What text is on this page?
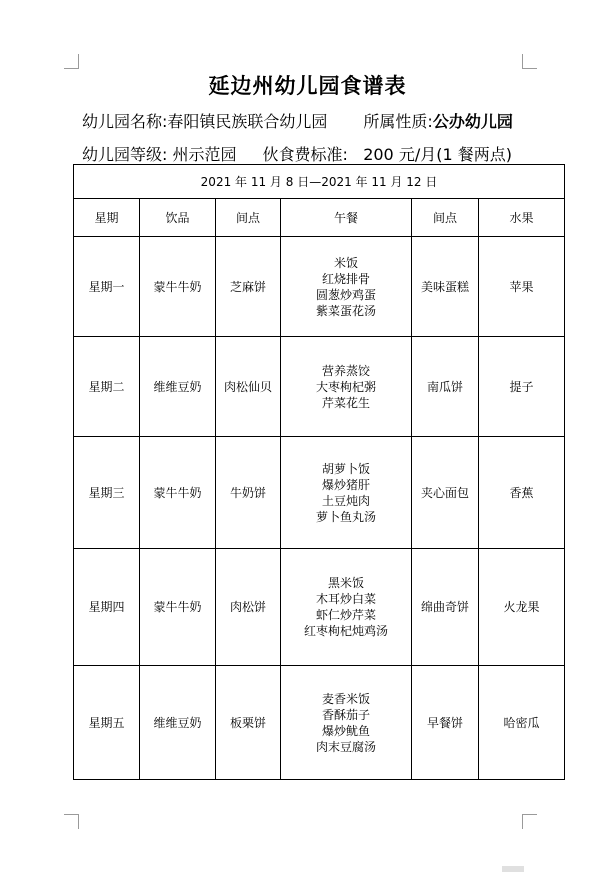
延边州幼儿园食谱表
幼儿园名称:春阳镇民族联合幼儿园 所属性质:公办幼儿园
幼儿园等级: 州示范园 伙食费标准: 200 元/月(1 餐两点)
2021 年 11 月 8 日—2021 年 11 月 12 日					
星期	饮品	间点	午餐	间点	水果
星期一	蒙牛牛奶	芝麻饼	米饭
红烧排骨
圆葱炒鸡蛋
紫菜蛋花汤	美味蛋糕	苹果
星期二	维维豆奶	肉松仙贝	营养蒸饺
大枣枸杞粥
芹菜花生	南瓜饼	提子
星期三	蒙牛牛奶	牛奶饼	胡萝卜饭
爆炒猪肝
土豆炖肉
萝卜鱼丸汤	夹心面包	香蕉
星期四	蒙牛牛奶	肉松饼	黑米饭
木耳炒白菜
虾仁炒芹菜
红枣枸杞炖鸡汤	绵曲奇饼	火龙果
星期五	维维豆奶	板栗饼	麦香米饭
香酥茄子
爆炒鱿鱼
肉末豆腐汤	早餐饼	哈密瓜
